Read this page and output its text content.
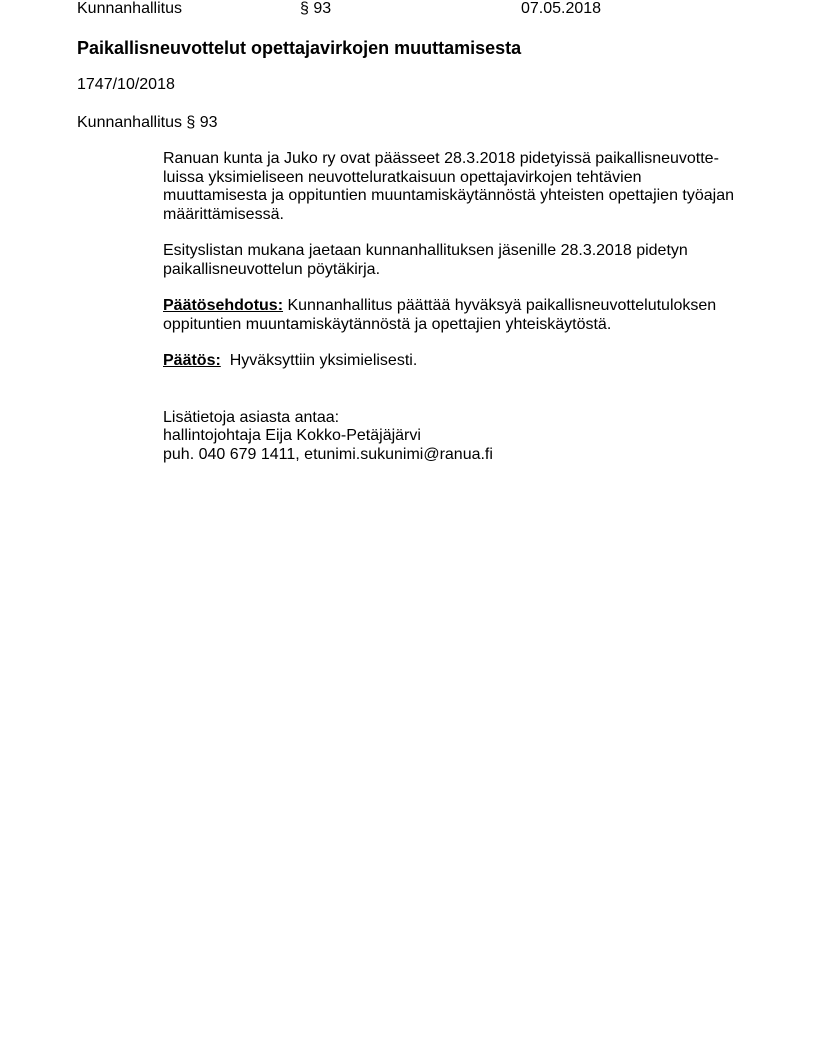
Kunnanhallitus	§ 93	07.05.2018
Paikallisneuvottelut opettajavirkojen muuttamisesta
1747/10/2018
Kunnanhallitus § 93

Ranuan kunta ja Juko ry ovat päässeet 28.3.2018 pidetyissä paikallisneuvotte-
luissa yksimieliseen neuvotteluratkaisuun opettajavirkojen tehtävien
muuttamisesta ja oppituntien muuntamiskäytännöstä yhteisten opettajien työajan
määrittämisessä.

Esityslistan mukana jaetaan kunnanhallituksen jäsenille 28.3.2018 pidetyn
paikallisneuvottelun pöytäkirja.

Päätösehdotus: Kunnanhallitus päättää hyväksyä paikallisneuvottelutuloksen
oppituntien muuntamiskäytännöstä ja opettajien yhteiskäytöstä.

Päätös:  Hyväksyttiin yksimielisesti.

Lisätietoja asiasta antaa:
hallintojohtaja Eija Kokko-Petäjäjärvi
puh. 040 679 1411, etunimi.sukunimi@ranua.fi
